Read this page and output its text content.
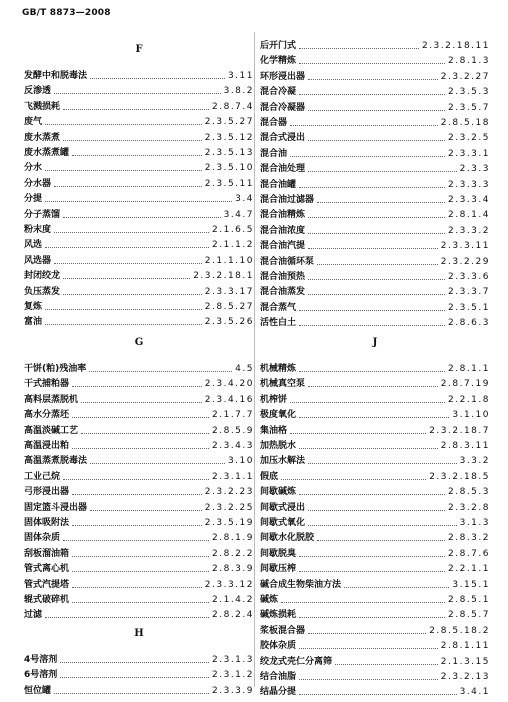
GB/T 8873—2008
F
发酵中和脱毒法	3.11
反渗透	3.8.2
飞溅损耗	2.8.7.4
废气	2.3.5.27
废水蒸煮	2.3.5.12
废水蒸煮罐	2.3.5.13
分水	2.3.5.10
分水器	2.3.5.11
分提	3.4
分子蒸馏	3.4.7
粉末度	2.1.6.5
风选	2.1.1.2
风选器	2.1.1.10
封闭绞龙	2.3.2.18.1
负压蒸发	2.3.3.17
复炼	2.8.5.27
富油	2.3.5.26
G
干饼(粕)残油率	4.5
干式捕粕器	2.3.4.20
高料层蒸脱机	2.3.4.16
高水分蒸坯	2.1.7.7
高温淡碱工艺	2.8.5.9
高温浸出粕	2.3.4.3
高温蒸煮脱毒法	3.10
工业己烷	2.3.1.1
弓形浸出器	2.3.2.23
固定篮斗浸出器	2.3.2.25
固体吸附法	2.3.5.19
固体杂质	2.8.1.9
刮板溜油箱	2.8.2.2
管式离心机	2.8.3.9
管式汽提塔	2.3.3.12
辊式破碎机	2.1.4.2
过滤	2.8.2.4
H
4号溶剂	2.3.1.3
6号溶剂	2.3.1.2
恒位罐	2.3.3.9
后开门式	2.3.2.18.11
化学精炼	2.8.1.3
环形浸出器	2.3.2.27
混合冷凝	2.3.5.3
混合冷凝器	2.3.5.7
混合器	2.8.5.18
混合式浸出	2.3.2.5
混合油	2.3.3.1
混合油处理	2.3.3
混合油罐	2.3.3.3
混合油过滤器	2.3.3.4
混合油精炼	2.8.1.4
混合油浓度	2.3.3.2
混合油汽提	2.3.3.11
混合油循环泵	2.3.2.29
混合油预热	2.3.3.6
混合油蒸发	2.3.3.7
混合蒸气	2.3.5.1
活性白土	2.8.6.3
J
机械精炼	2.8.1.1
机械真空泵	2.8.7.19
机榨饼	2.2.1.8
极度氧化	3.1.10
集油格	2.3.2.18.7
加热脱水	2.8.3.11
加压水解法	3.3.2
假底	2.3.2.18.5
间歇碱炼	2.8.5.3
间歇式浸出	2.3.2.8
间歇式氧化	3.1.3
间歇水化脱胶	2.8.3.2
间歇脱臭	2.8.7.6
间歇压榨	2.2.1.1
碱合成生物柴油方法	3.15.1
碱炼	2.8.5.1
碱炼损耗	2.8.5.7
浆板混合器	2.8.5.18.2
胶体杂质	2.8.1.11
绞龙式壳仁分离筛	2.1.3.15
结合油脂	2.3.2.13
结晶分提	3.4.1
